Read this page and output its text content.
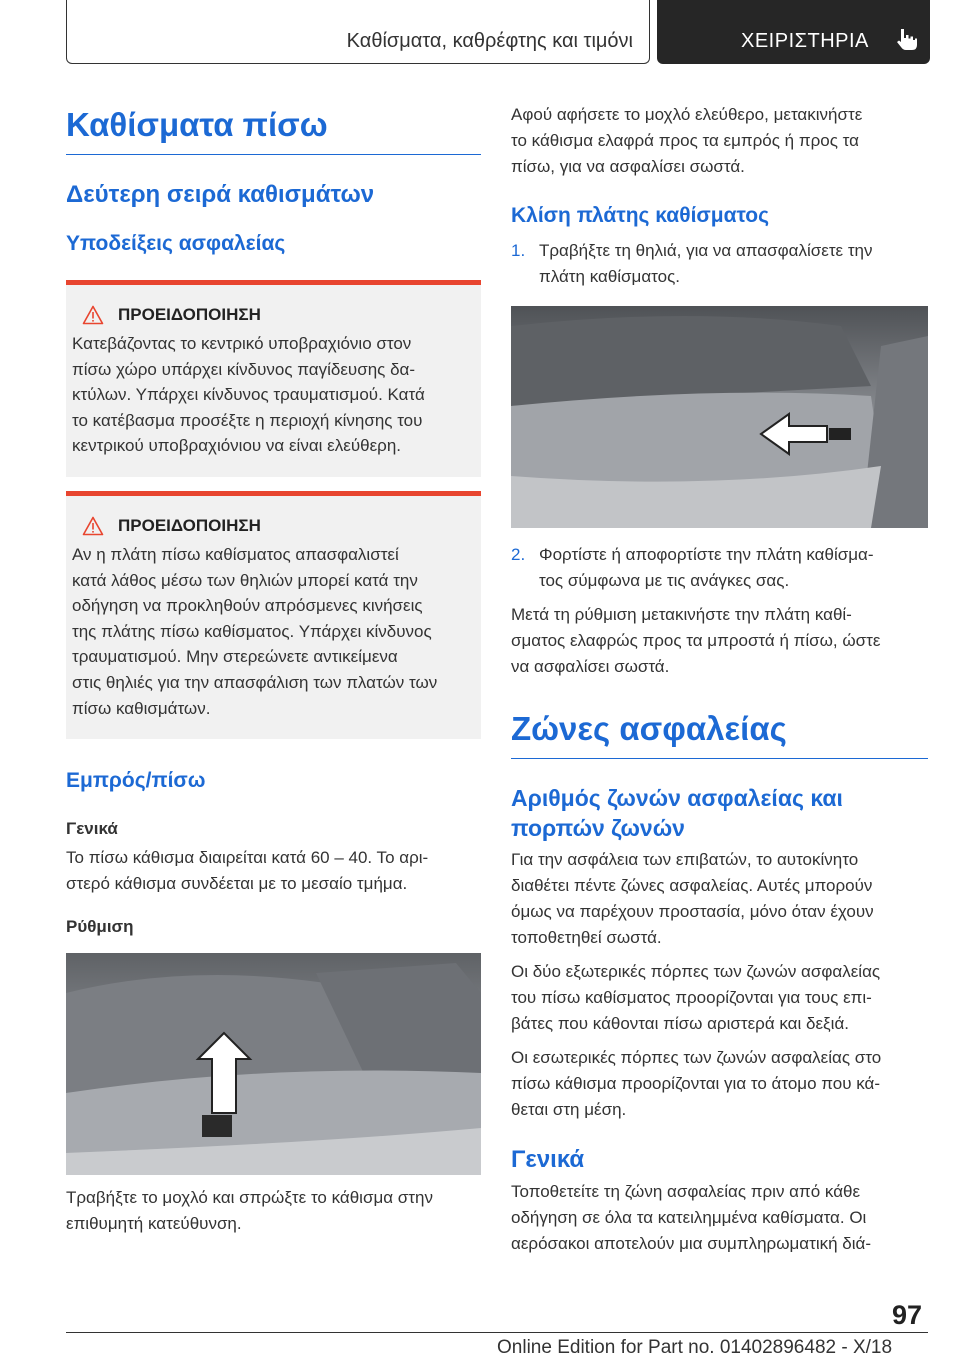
Καθίσματα, καθρέφτης και τιμόνι	ΧΕΙΡΙΣΤΗΡΙΑ
Καθίσματα πίσω
Δεύτερη σειρά καθισμάτων
Υποδείξεις ασφαλείας
ΠΡΟΕΙΔΟΠΟΙΗΣΗ
Κατεβάζοντας το κεντρικό υποβραχιόνιο στον
πίσω χώρο υπάρχει κίνδυνος παγίδευσης δα-
κτύλων. Υπάρχει κίνδυνος τραυματισμού. Κατά
το κατέβασμα προσέξτε η περιοχή κίνησης του
κεντρικού υποβραχιόνιου να είναι ελεύθερη.
ΠΡΟΕΙΔΟΠΟΙΗΣΗ
Αν η πλάτη πίσω καθίσματος απασφαλιστεί
κατά λάθος μέσω των θηλιών μπορεί κατά την
οδήγηση να προκληθούν απρόσμενες κινήσεις
της πλάτης πίσω καθίσματος. Υπάρχει κίνδυνος
τραυματισμού. Μην στερεώνετε αντικείμενα
στις θηλιές για την απασφάλιση των πλατών των
πίσω καθισμάτων.
Εμπρός/πίσω
Γενικά
Το πίσω κάθισμα διαιρείται κατά 60 – 40. Το αρι-
στερό κάθισμα συνδέεται με το μεσαίο τμήμα.
Ρύθμιση
Τραβήξτε το μοχλό και σπρώξτε το κάθισμα στην
επιθυμητή κατεύθυνση.
Αφού αφήσετε το μοχλό ελεύθερο, μετακινήστε
το κάθισμα ελαφρά προς τα εμπρός ή προς τα
πίσω, για να ασφαλίσει σωστά.
Κλίση πλάτης καθίσματος
1. Τραβήξτε τη θηλιά, για να απασφαλίσετε την
πλάτη καθίσματος.
2. Φορτίστε ή αποφορτίστε την πλάτη καθίσμα-
τος σύμφωνα με τις ανάγκες σας.
Μετά τη ρύθμιση μετακινήστε την πλάτη καθί-
σματος ελαφρώς προς τα μπροστά ή πίσω, ώστε
να ασφαλίσει σωστά.
Ζώνες ασφαλείας
Αριθμός ζωνών ασφαλείας και
πορπών ζωνών
Για την ασφάλεια των επιβατών, το αυτοκίνητο
διαθέτει πέντε ζώνες ασφαλείας. Αυτές μπορούν
όμως να παρέχουν προστασία, μόνο όταν έχουν
τοποθετηθεί σωστά.
Οι δύο εξωτερικές πόρπες των ζωνών ασφαλείας
του πίσω καθίσματος προορίζονται για τους επι-
βάτες που κάθονται πίσω αριστερά και δεξιά.
Οι εσωτερικές πόρπες των ζωνών ασφαλείας στο
πίσω κάθισμα προορίζονται για το άτομο που κά-
θεται στη μέση.
Γενικά
Τοποθετείτε τη ζώνη ασφαλείας πριν από κάθε
οδήγηση σε όλα τα κατειλημμένα καθίσματα. Οι
αερόσακοι αποτελούν μια συμπληρωματική διά-
97
Online Edition for Part no. 01402896482 - X/18
